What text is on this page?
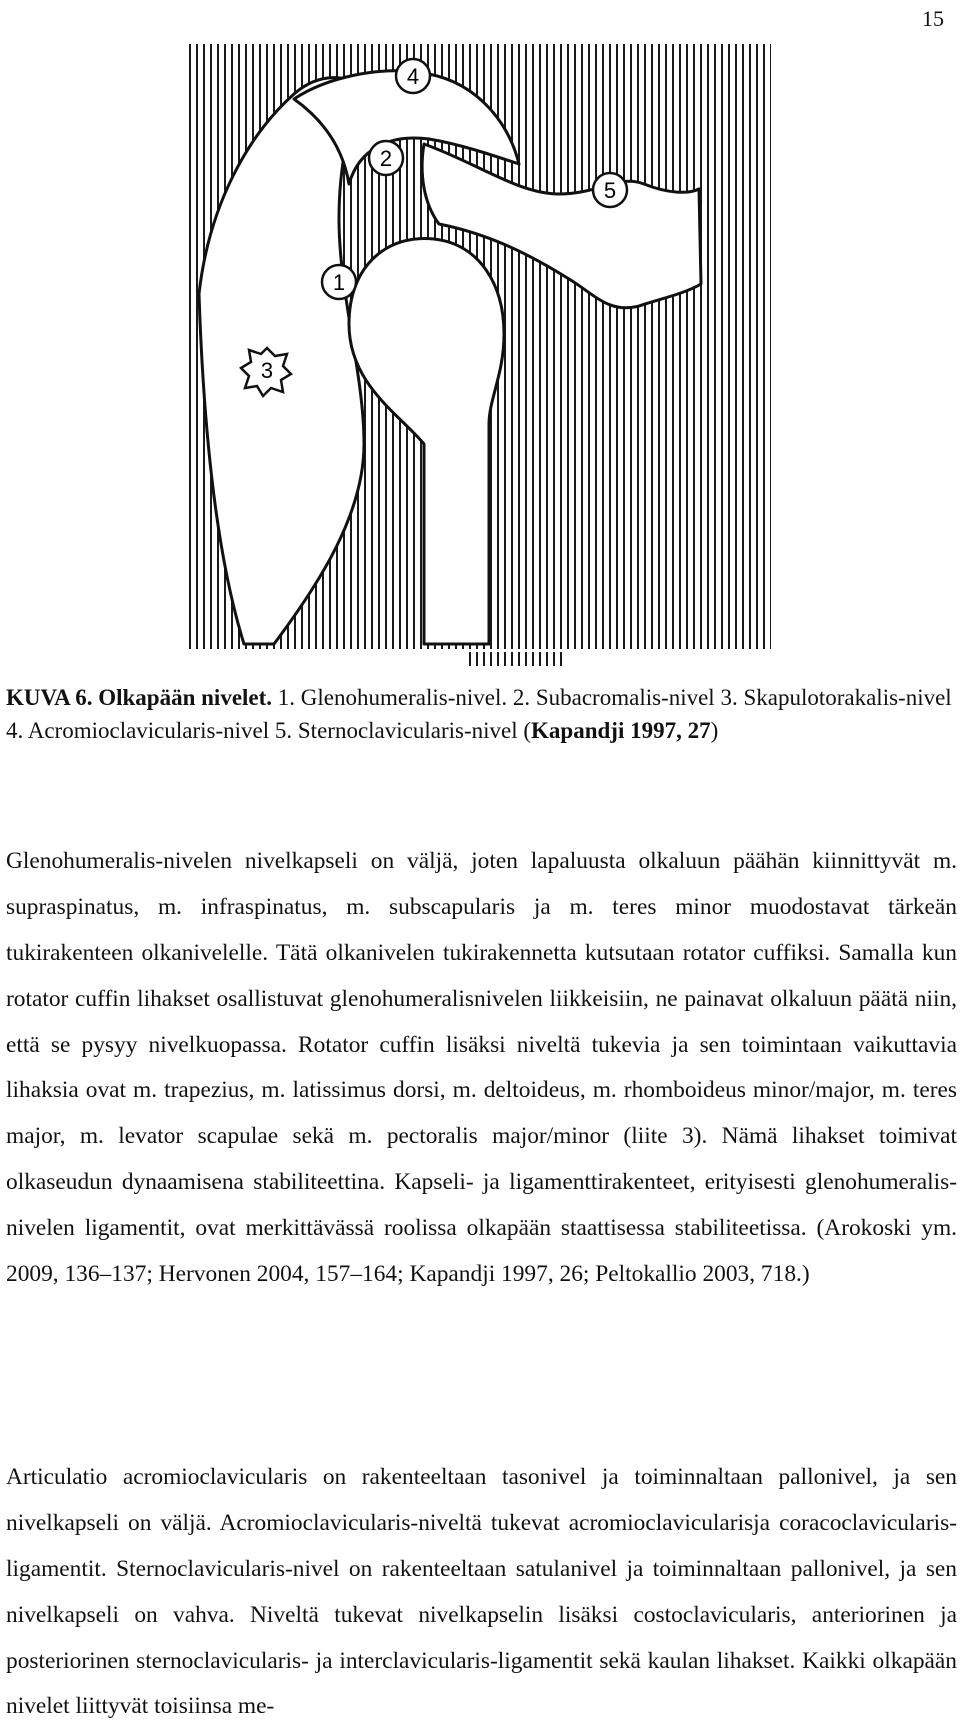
15
4
2
5
1
3
KUVA 6. Olkapään nivelet. 1. Glenohumeralis-nivel. 2. Subacromalis-nivel 3. Skapulotorakalis-nivel 4. Acromioclavicularis-nivel 5. Sternoclavicularis-nivel (Kapandji 1997, 27)

Glenohumeralis-nivelen nivelkapseli on väljä, joten lapaluusta olkaluun päähän kiinnittyvät m. supraspinatus, m. infraspinatus, m. subscapularis ja m. teres minor muodostavat tärkeän tukirakenteen olkanivelelle. Tätä olkanivelen tukirakennetta kutsutaan rotator cuffiksi. Samalla kun rotator cuffin lihakset osallistuvat glenohumeralisnivelen liikkeisiin, ne painavat olkaluun päätä niin, että se pysyy nivelkuopassa. Rotator cuffin lisäksi niveltä tukevia ja sen toimintaan vaikuttavia lihaksia ovat m. trapezius, m. latissimus dorsi, m. deltoideus, m. rhomboideus minor/major, m. teres major, m. levator scapulae sekä m. pectoralis major/minor (liite 3). Nämä lihakset toimivat olkaseudun dynaamisena stabiliteettina. Kapseli- ja ligamenttirakenteet, erityisesti glenohumeralis-nivelen ligamentit, ovat merkittävässä roolissa olkapään staattisessa stabiliteetissa. (Arokoski ym. 2009, 136–137; Hervonen 2004, 157–164; Kapandji 1997, 26; Peltokallio 2003, 718.)

Articulatio acromioclavicularis on rakenteeltaan tasonivel ja toiminnaltaan pallonivel, ja sen nivelkapseli on väljä. Acromioclavicularis-niveltä tukevat acromioclavicularisja coracoclavicularis-ligamentit. Sternoclavicularis-nivel on rakenteeltaan satulanivel ja toiminnaltaan pallonivel, ja sen nivelkapseli on vahva. Niveltä tukevat nivelkapselin lisäksi costoclavicularis, anteriorinen ja posteriorinen sternoclavicularis- ja interclavicularis-ligamentit sekä kaulan lihakset. Kaikki olkapään nivelet liittyvät toisiinsa me-
